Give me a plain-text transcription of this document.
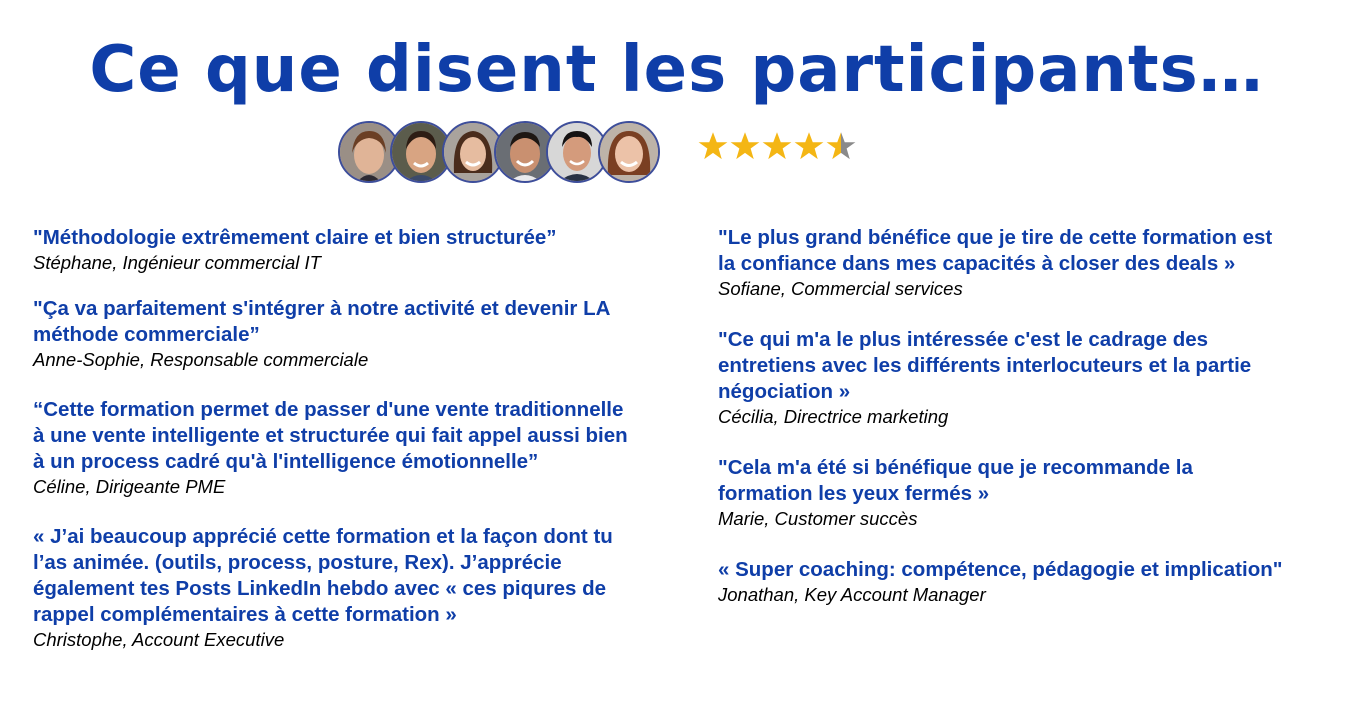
Ce que disent les participants…

"Méthodologie extrêmement claire et bien structurée”

Stéphane, Ingénieur commercial IT

"Ça va parfaitement s'intégrer à notre activité et devenir LA
méthode commerciale”

Anne-Sophie, Responsable commerciale

“Cette formation permet de passer d'une vente traditionnelle
à une vente intelligente et structurée qui fait appel aussi bien
à un process cadré qu'à l'intelligence émotionnelle”

Céline, Dirigeante PME

« J’ai beaucoup apprécié cette formation et la façon dont tu
l’as animée. (outils, process, posture, Rex). J’apprécie
également tes Posts LinkedIn hebdo avec « ces piqures de
rappel complémentaires à cette formation »

Christophe, Account Executive

"Le plus grand bénéfice que je tire de cette formation est
la confiance dans mes capacités à closer des deals »

Sofiane, Commercial services

"Ce qui m'a le plus intéressée c'est le cadrage des
entretiens avec les différents interlocuteurs et la partie
négociation »

Cécilia, Directrice marketing

"Cela m'a été si bénéfique que je recommande la
formation les yeux fermés »

Marie, Customer succès

« Super coaching: compétence, pédagogie et implication"

Jonathan, Key Account Manager
